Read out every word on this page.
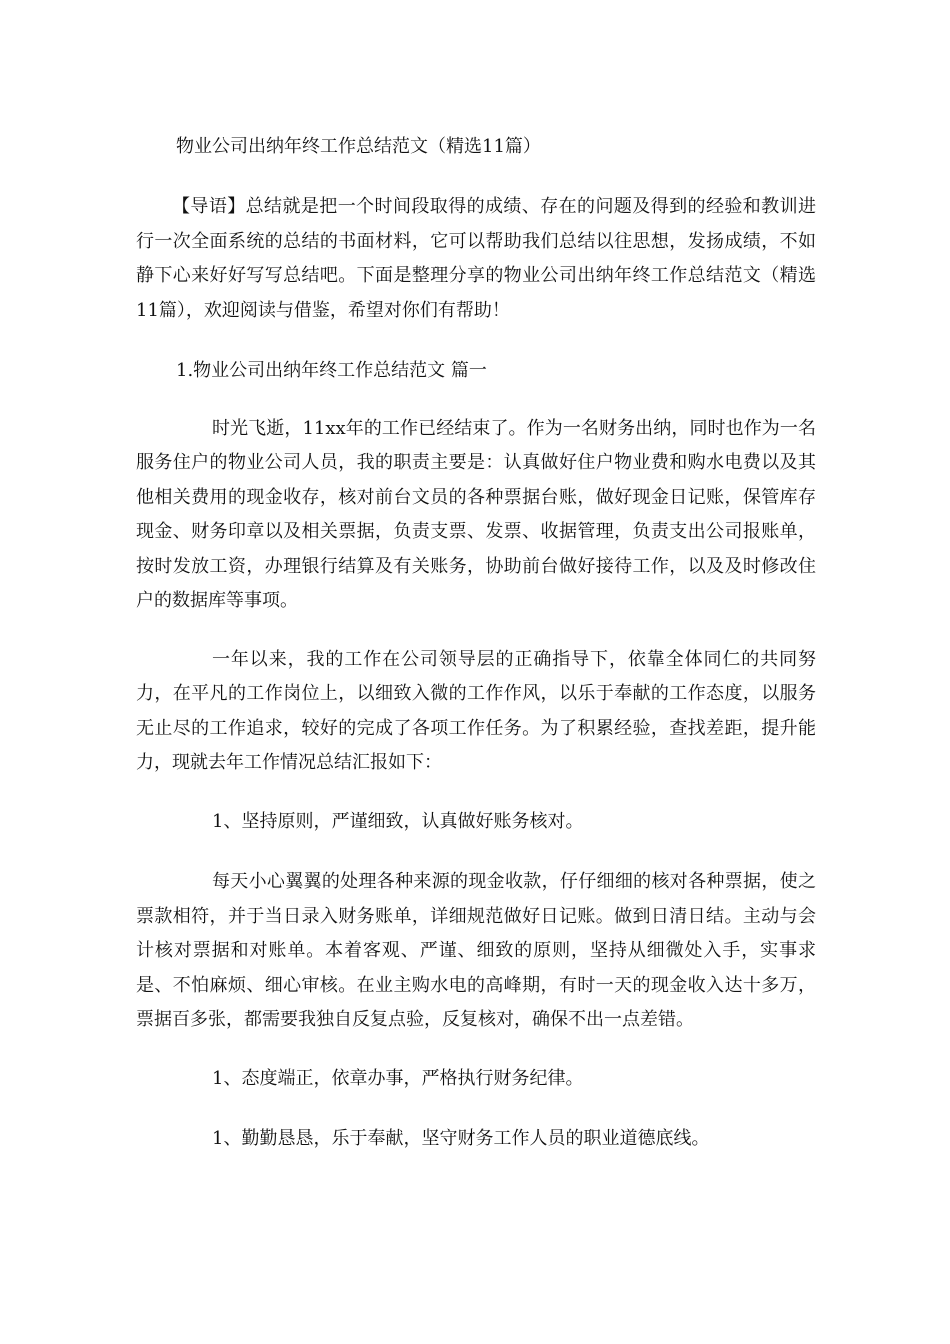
物业公司出纳年终工作总结范文（精选11篇）

【导语】总结就是把一个时间段取得的成绩、存在的问题及得到的经验和教训进行一次全面系统的总结的书面材料，它可以帮助我们总结以往思想，发扬成绩，不如静下心来好好写写总结吧。下面是整理分享的物业公司出纳年终工作总结范文（精选11篇），欢迎阅读与借鉴，希望对你们有帮助！

1.物业公司出纳年终工作总结范文 篇一

时光飞逝，11xx年的工作已经结束了。作为一名财务出纳，同时也作为一名服务住户的物业公司人员，我的职责主要是：认真做好住户物业费和购水电费以及其他相关费用的现金收存，核对前台文员的各种票据台账，做好现金日记账，保管库存现金、财务印章以及相关票据，负责支票、发票、收据管理，负责支出公司报账单，按时发放工资，办理银行结算及有关账务，协助前台做好接待工作，以及及时修改住户的数据库等事项。

一年以来，我的工作在公司领导层的正确指导下，依靠全体同仁的共同努力，在平凡的工作岗位上，以细致入微的工作作风，以乐于奉献的工作态度，以服务无止尽的工作追求，较好的完成了各项工作任务。为了积累经验，查找差距，提升能力，现就去年工作情况总结汇报如下：

1、坚持原则，严谨细致，认真做好账务核对。

每天小心翼翼的处理各种来源的现金收款，仔仔细细的核对各种票据，使之票款相符，并于当日录入财务账单，详细规范做好日记账。做到日清日结。主动与会计核对票据和对账单。本着客观、严谨、细致的原则，坚持从细微处入手，实事求是、不怕麻烦、细心审核。在业主购水电的高峰期，有时一天的现金收入达十多万，票据百多张，都需要我独自反复点验，反复核对，确保不出一点差错。

1、态度端正，依章办事，严格执行财务纪律。

1、勤勤恳恳，乐于奉献，坚守财务工作人员的职业道德底线。
